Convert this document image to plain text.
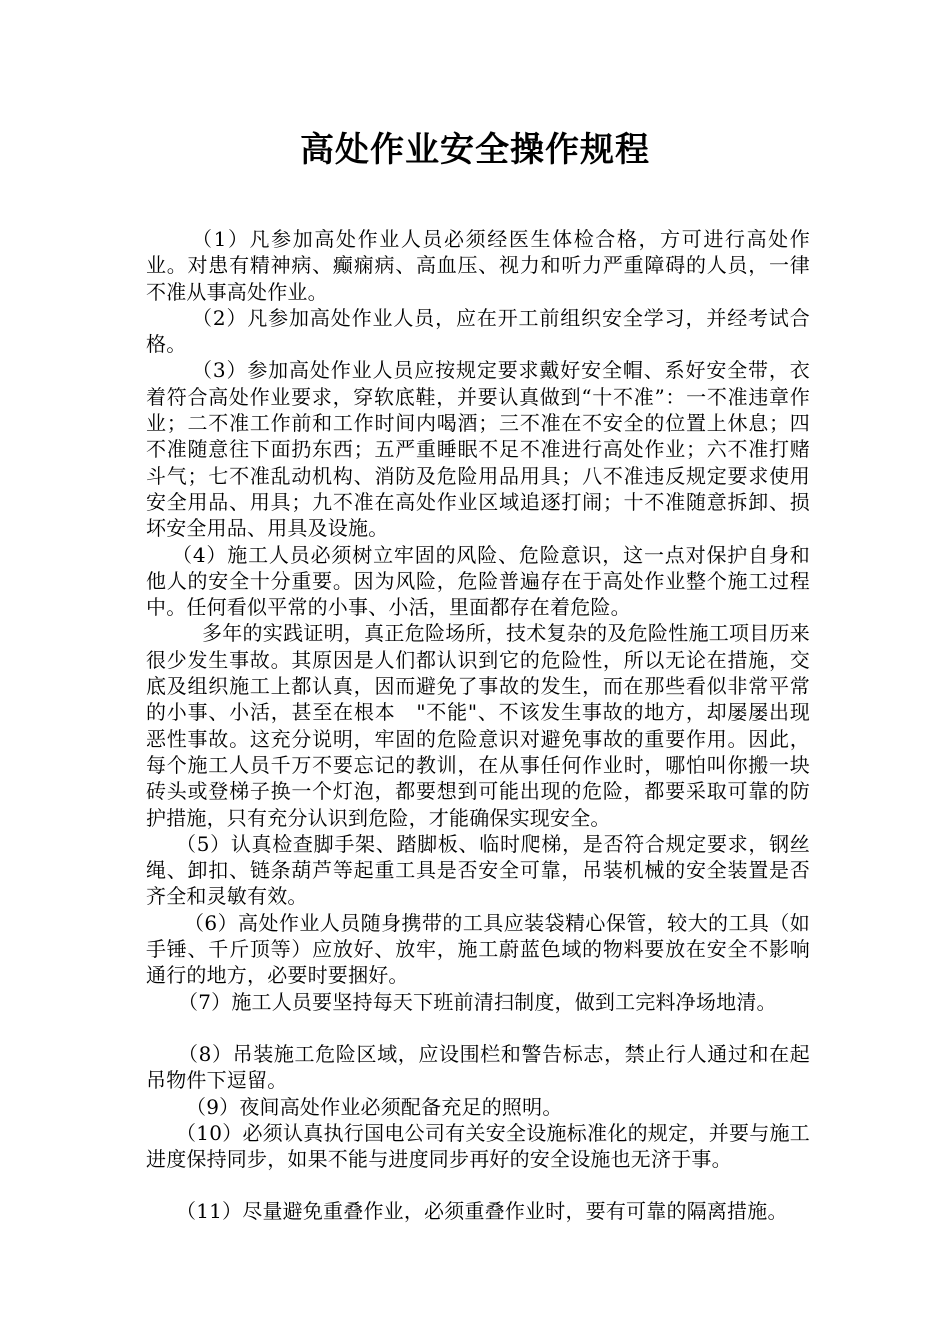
高处作业安全操作规程

（1）凡参加高处作业人员必须经医生体检合格，方可进行高处作业。对患有精神病、癫痫病、高血压、视力和听力严重障碍的人员，一律不准从事高处作业。

（2）凡参加高处作业人员，应在开工前组织安全学习，并经考试合格。

（3）参加高处作业人员应按规定要求戴好安全帽、系好安全带，衣着符合高处作业要求，穿软底鞋，并要认真做到“十不准”：一不准违章作业；二不准工作前和工作时间内喝酒；三不准在不安全的位置上休息；四不准随意往下面扔东西；五严重睡眠不足不准进行高处作业；六不准打赌斗气；七不准乱动机构、消防及危险用品用具；八不准违反规定要求使用安全用品、用具；九不准在高处作业区域追逐打闹；十不准随意拆卸、损坏安全用品、用具及设施。

（4）施工人员必须树立牢固的风险、危险意识，这一点对保护自身和他人的安全十分重要。因为风险，危险普遍存在于高处作业整个施工过程中。任何看似平常的小事、小活，里面都存在着危险。

多年的实践证明，真正危险场所，技术复杂的及危险性施工项目历来很少发生事故。其原因是人们都认识到它的危险性，所以无论在措施，交底及组织施工上都认真，因而避免了事故的发生，而在那些看似非常平常的小事、小活，甚至在根本　"不能"、不该发生事故的地方，却屡屡出现恶性事故。这充分说明，牢固的危险意识对避免事故的重要作用。因此，每个施工人员千万不要忘记的教训，在从事任何作业时，哪怕叫你搬一块砖头或登梯子换一个灯泡，都要想到可能出现的危险，都要采取可靠的防护措施，只有充分认识到危险，才能确保实现安全。

（5）认真检查脚手架、踏脚板、临时爬梯，是否符合规定要求，钢丝绳、卸扣、链条葫芦等起重工具是否安全可靠，吊装机械的安全装置是否齐全和灵敏有效。

（6）高处作业人员随身携带的工具应装袋精心保管，较大的工具（如手锤、千斤顶等）应放好、放牢，施工蔚蓝色域的物料要放在安全不影响通行的地方，必要时要捆好。

（7）施工人员要坚持每天下班前清扫制度，做到工完料净场地清。

（8）吊装施工危险区域，应设围栏和警告标志，禁止行人通过和在起吊物件下逗留。

（9）夜间高处作业必须配备充足的照明。

（10）必须认真执行国电公司有关安全设施标准化的规定，并要与施工进度保持同步，如果不能与进度同步再好的安全设施也无济于事。

（11）尽量避免重叠作业，必须重叠作业时，要有可靠的隔离措施。
